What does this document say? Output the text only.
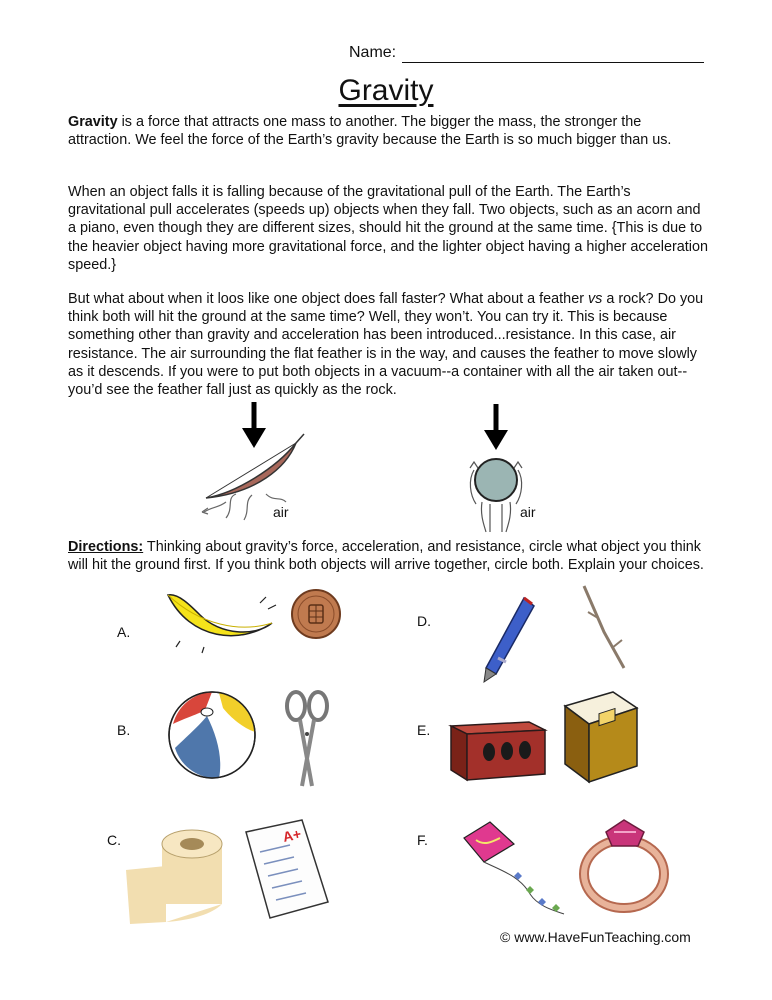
Name:
Gravity

Gravity is a force that attracts one mass to another. The bigger the mass, the stronger the attraction. We feel the force of the Earth’s gravity because the Earth is so much bigger than us.

When an object falls it is falling because of the gravitational pull of the Earth. The Earth’s gravitational pull accelerates (speeds up) objects when they fall. Two objects, such as an acorn and a piano, even though they are different sizes, should hit the ground at the same time. {This is due to the heavier object having more gravitational force, and the lighter object having a higher acceleration speed.}

But what about when it loos like one object does fall faster? What about a feather vs a rock? Do you think both will hit the ground at the same time? Well, they won’t. You can try it. This is because something other than gravity and acceleration has been introduced...resistance. In this case, air resistance. The air surrounding the flat feather is in the way, and causes the feather to move slowly as it descends. If you were to put both objects in a vacuum--a container with all the air taken out--you’d see the feather fall just as quickly as the rock.

air	air

Directions: Thinking about gravity’s force, acceleration, and resistance, circle what object you think will hit the ground first. If you think both objects will arrive together, circle both. Explain your choices.

A.
B.
C.
D.
E.
F.
A+
© www.HaveFunTeaching.com
